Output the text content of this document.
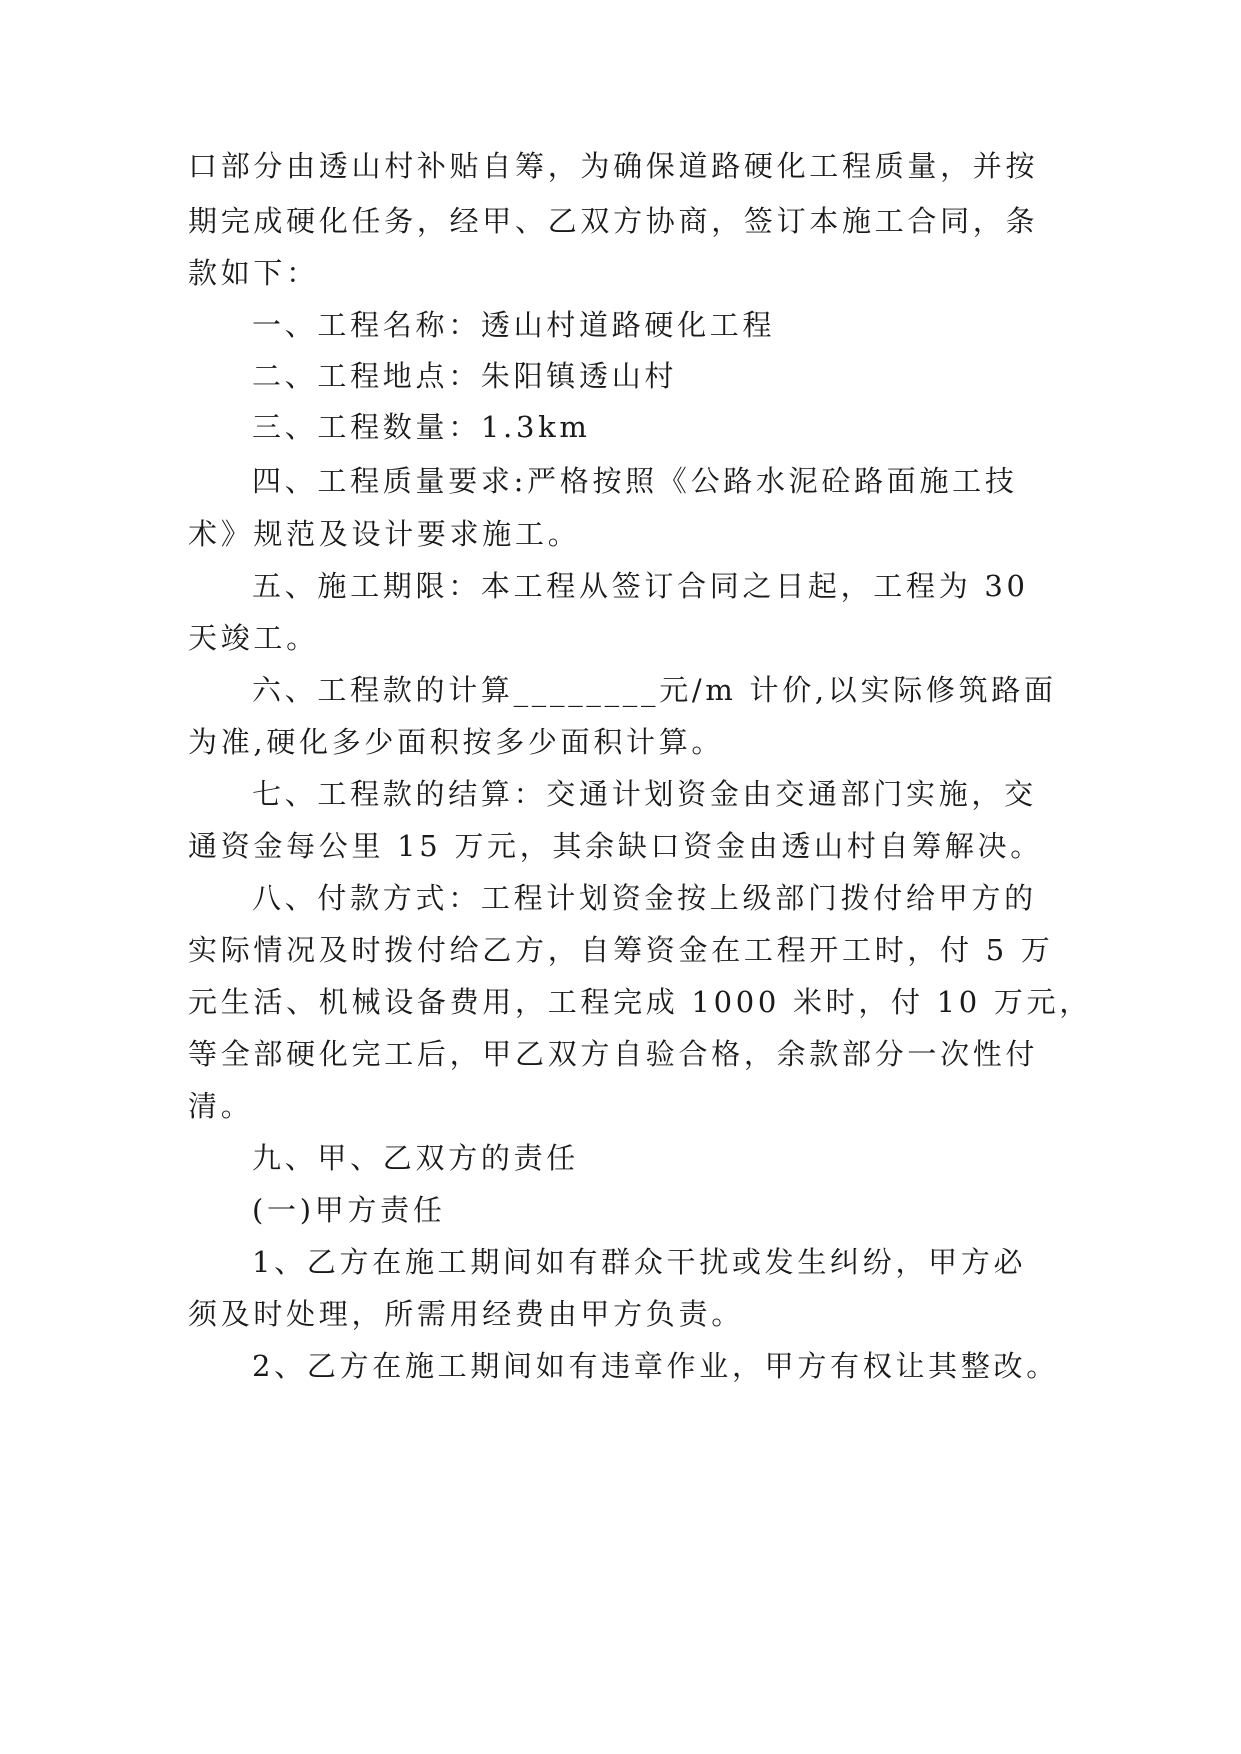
口部分由透山村补贴自筹，为确保道路硬化工程质量，并按
期完成硬化任务，经甲、乙双方协商，签订本施工合同，条
款如下：
一、工程名称：透山村道路硬化工程
二、工程地点：朱阳镇透山村
三、工程数量：1.3km
四、工程质量要求:严格按照《公路水泥砼路面施工技
术》规范及设计要求施工。
五、施工期限：本工程从签订合同之日起，工程为 30
天竣工。
六、工程款的计算________元/m 计价,以实际修筑路面
为准,硬化多少面积按多少面积计算。
七、工程款的结算：交通计划资金由交通部门实施，交
通资金每公里 15 万元，其余缺口资金由透山村自筹解决。
八、付款方式：工程计划资金按上级部门拨付给甲方的
实际情况及时拨付给乙方，自筹资金在工程开工时，付 5 万
元生活、机械设备费用，工程完成 1000 米时，付 10 万元，
等全部硬化完工后，甲乙双方自验合格，余款部分一次性付
清。
九、甲、乙双方的责任
(一)甲方责任
1、乙方在施工期间如有群众干扰或发生纠纷，甲方必
须及时处理，所需用经费由甲方负责。
2、乙方在施工期间如有违章作业，甲方有权让其整改。
